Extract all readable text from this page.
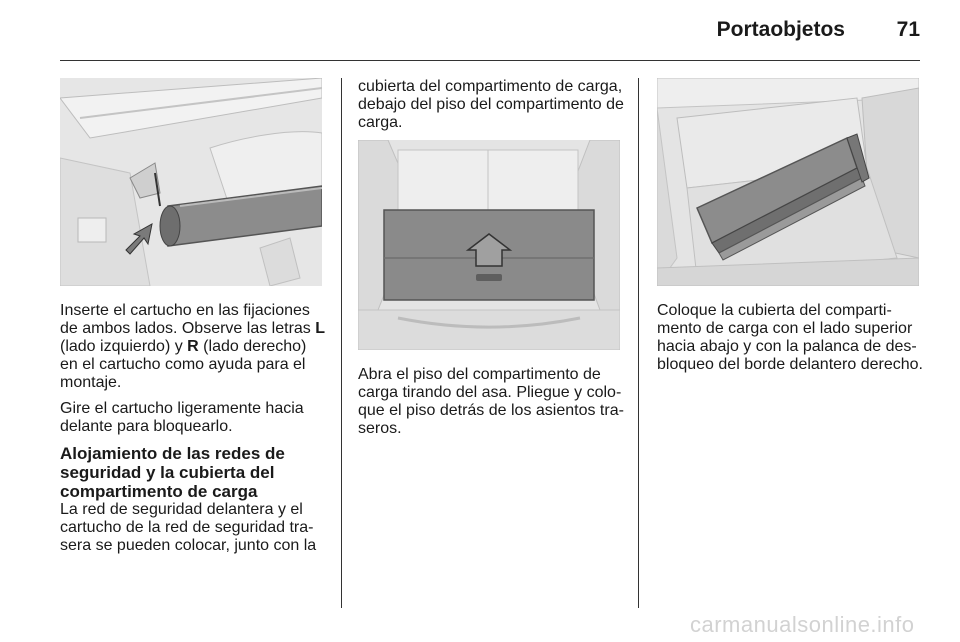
Portaobjetos	71

Inserte el cartucho en las fijaciones de ambos lados. Observe las letras L (lado izquierdo) y R (lado derecho) en el cartucho como ayuda para el montaje.

Gire el cartucho ligeramente hacia delante para bloquearlo.

Alojamiento de las redes de seguridad y la cubierta del compartimento de carga

La red de seguridad delantera y el cartucho de la red de seguridad tra-sera se pueden colocar, junto con la

cubierta del compartimento de carga, debajo del piso del compartimento de carga.
Abra el piso del compartimento de carga tirando del asa. Pliegue y colo-que el piso detrás de los asientos tra-seros.
Coloque la cubierta del comparti-mento de carga con el lado superior hacia abajo y con la palanca de des-bloqueo del borde delantero derecho.
carmanualsonline.info
